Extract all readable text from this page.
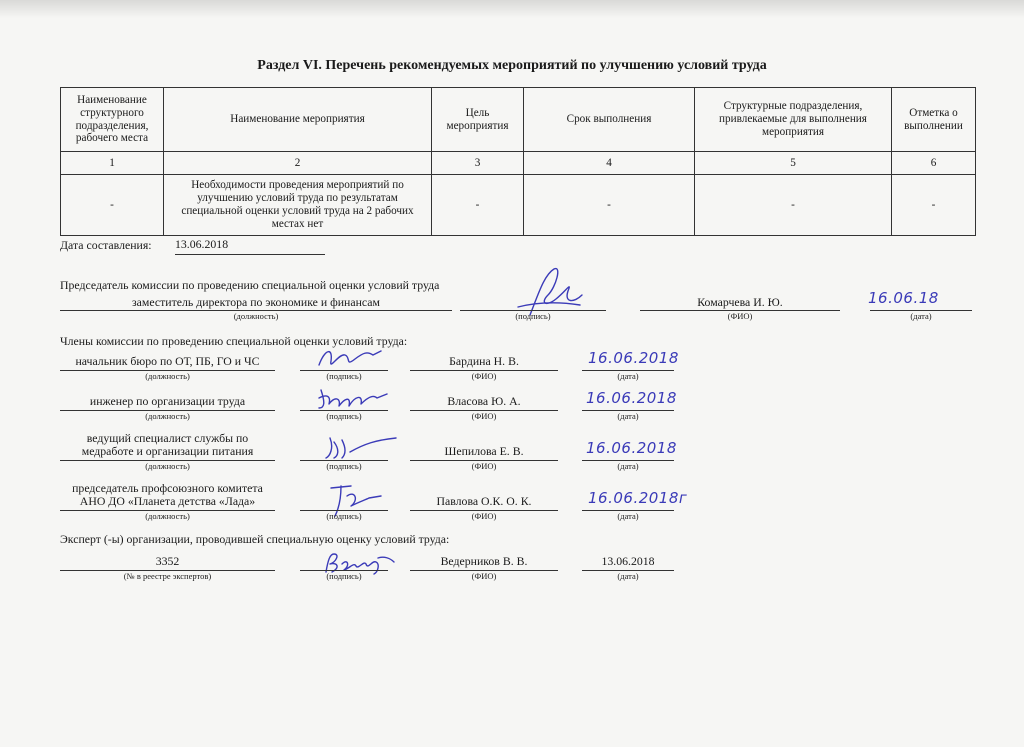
Раздел VI. Перечень рекомендуемых мероприятий по улучшению условий труда
Наименование структурного подразделения, рабочего места	Наименование мероприятия	Цель мероприятия	Срок выполнения	Структурные подразделения, привлекаемые для выполнения мероприятия	Отметка о выполнении
1	2	3	4	5	6
-	Необходимости проведения мероприятий по улучшению условий труда по результатам специальной оценки условий труда на 2 рабочих местах нет	-	-	-	-
Дата составления: 13.06.2018
Председатель комиссии по проведению специальной оценки условий труда
заместитель директора по экономике и финансам
(должность)	(подпись)
Комарчева И. Ю.
(ФИО)
16.06.18
(дата)
Члены комиссии по проведению специальной оценки условий труда:
начальник бюро по ОТ, ПБ, ГО и ЧС
(должность)	(подпись)
Бардина Н. В.
(ФИО)
16.06.2018
(дата)
инженер по организации труда
(должность)	(подпись)
Власова Ю. А.
(ФИО)
16.06.2018
(дата)
ведущий специалист службы по
медработе и организации питания
(должность)	(подпись)
Шепилова Е. В.
(ФИО)
16.06.2018
(дата)
председатель профсоюзного комитета
АНО ДО «Планета детства «Лада»
(должность)	(подпись)
Павлова О.К. О. К.
(ФИО)
16.06.2018г
(дата)
Эксперт (-ы) организации, проводившей специальную оценку условий труда:
3352
(№ в реестре экспертов)	(подпись)
Ведерников В. В.
(ФИО)
13.06.2018
(дата)
